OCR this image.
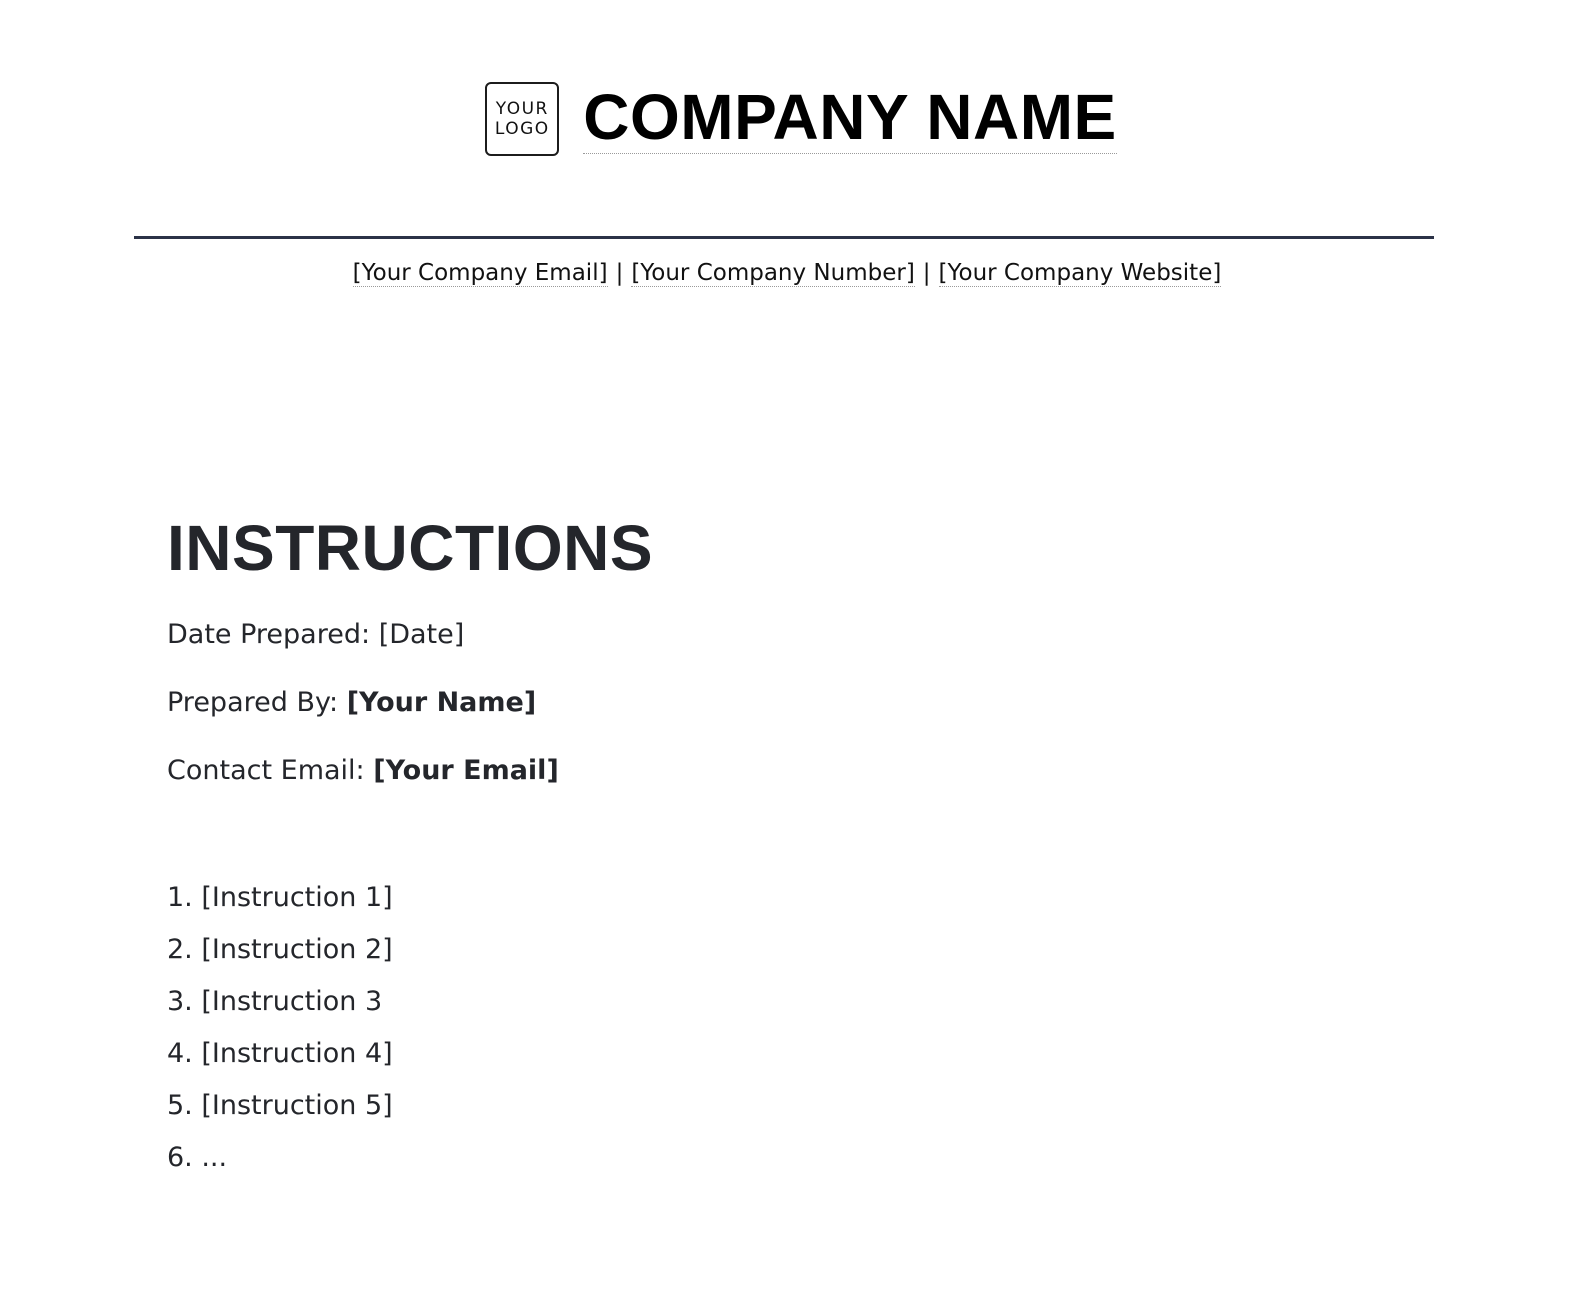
YOUR
LOGO COMPANY NAME
[Your Company Email] | [Your Company Number] | [Your Company Website]
INSTRUCTIONS
Date Prepared: [Date]
Prepared By: [Your Name]
Contact Email: [Your Email]
1. [Instruction 1]
2. [Instruction 2]
3. [Instruction 3
4. [Instruction 4]
5. [Instruction 5]
6. ...
